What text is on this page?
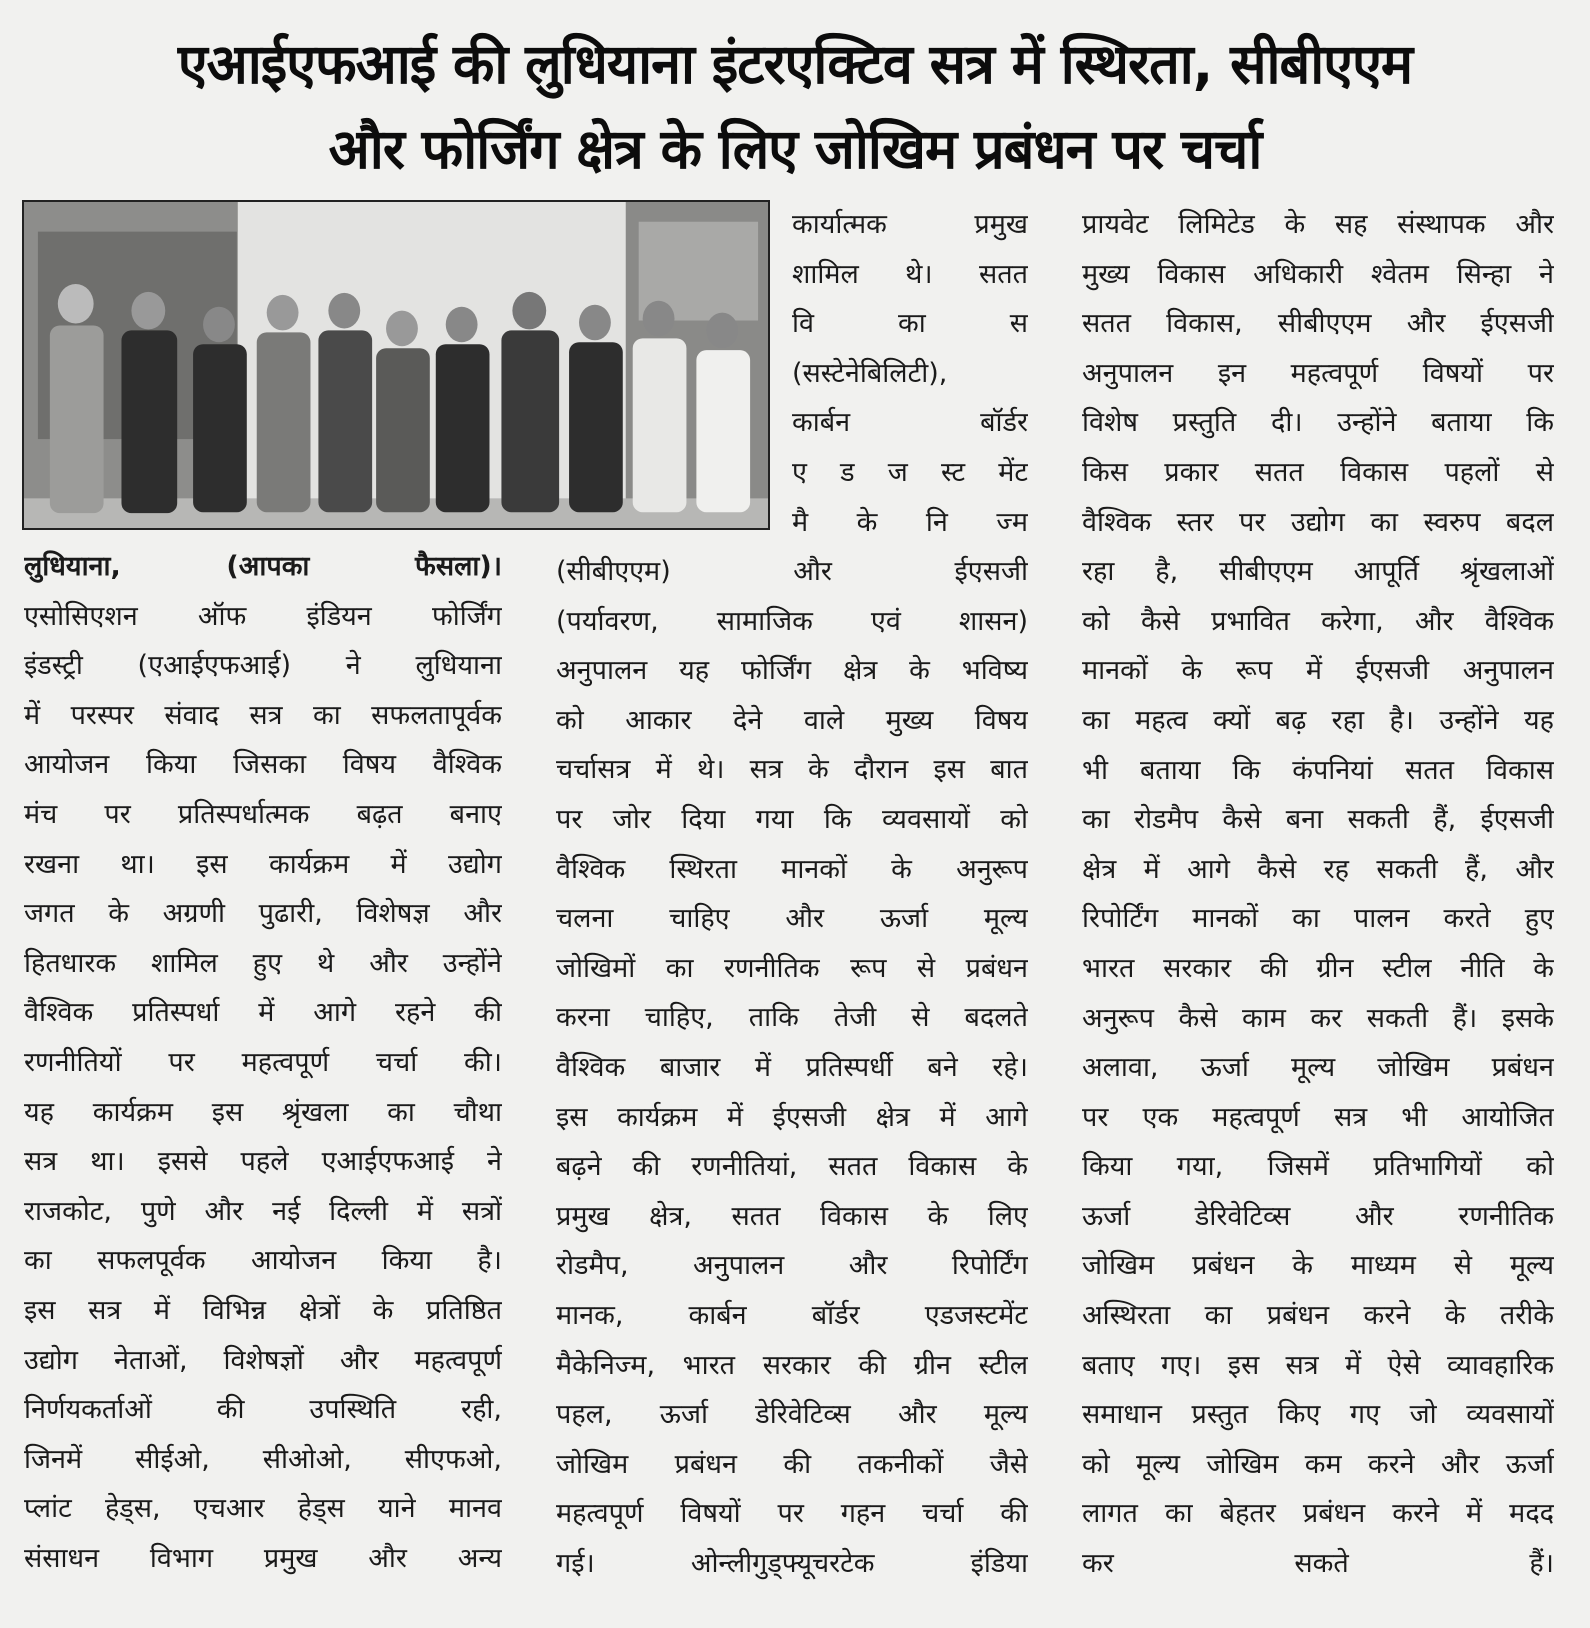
एआईएफआई की लुधियाना इंटरएक्टिव सत्र में स्थिरता, सीबीएएम
और फोर्जिंग क्षेत्र के लिए जोखिम प्रबंधन पर चर्चा
लुधियाना, (आपका फैसला)।
एसोसिएशन ऑफ इंडियन फोर्जिंग
इंडस्ट्री (एआईएफआई) ने लुधियाना
में परस्पर संवाद सत्र का सफलतापूर्वक
आयोजन किया जिसका विषय वैश्विक
मंच पर प्रतिस्पर्धात्मक बढ़त बनाए
रखना था। इस कार्यक्रम में उद्योग
जगत के अग्रणी पुढारी, विशेषज्ञ और
हितधारक शामिल हुए थे और उन्होंने
वैश्विक प्रतिस्पर्धा में आगे रहने की
रणनीतियों पर महत्वपूर्ण चर्चा की।
यह कार्यक्रम इस श्रृंखला का चौथा
सत्र था। इससे पहले एआईएफआई ने
राजकोट, पुणे और नई दिल्ली में सत्रों
का सफलपूर्वक आयोजन किया है।
इस सत्र में विभिन्न क्षेत्रों के प्रतिष्ठित
उद्योग नेताओं, विशेषज्ञों और महत्वपूर्ण
निर्णयकर्ताओं की उपस्थिति रही,
जिनमें सीईओ, सीओओ, सीएफओ,
प्लांट हेड्स, एचआर हेड्स याने मानव
संसाधन विभाग प्रमुख और अन्य
कार्यात्मक प्रमुख
शामिल थे। सतत
वि का स
(सस्टेनेबिलिटी),
कार्बन बॉर्डर
ए ड ज स्ट मेंट
मै के नि ज्म
(सीबीएएम) और ईएसजी
(पर्यावरण, सामाजिक एवं शासन)
अनुपालन यह फोर्जिंग क्षेत्र के भविष्य
को आकार देने वाले मुख्य विषय
चर्चासत्र में थे। सत्र के दौरान इस बात
पर जोर दिया गया कि व्यवसायों को
वैश्विक स्थिरता मानकों के अनुरूप
चलना चाहिए और ऊर्जा मूल्य
जोखिमों का रणनीतिक रूप से प्रबंधन
करना चाहिए, ताकि तेजी से बदलते
वैश्विक बाजार में प्रतिस्पर्धी बने रहे।
इस कार्यक्रम में ईएसजी क्षेत्र में आगे
बढ़ने की रणनीतियां, सतत विकास के
प्रमुख क्षेत्र, सतत विकास के लिए
रोडमैप, अनुपालन और रिपोर्टिंग
मानक, कार्बन बॉर्डर एडजस्टमेंट
मैकेनिज्म, भारत सरकार की ग्रीन स्टील
पहल, ऊर्जा डेरिवेटिव्स और मूल्य
जोखिम प्रबंधन की तकनीकों जैसे
महत्वपूर्ण विषयों पर गहन चर्चा की
गई। ओन्लीगुड्फ्यूचरटेक इंडिया
प्रायवेट लिमिटेड के सह संस्थापक और
मुख्य विकास अधिकारी श्वेतम सिन्हा ने
सतत विकास, सीबीएएम और ईएसजी
अनुपालन इन महत्वपूर्ण विषयों पर
विशेष प्रस्तुति दी। उन्होंने बताया कि
किस प्रकार सतत विकास पहलों से
वैश्विक स्तर पर उद्योग का स्वरुप बदल
रहा है, सीबीएएम आपूर्ति श्रृंखलाओं
को कैसे प्रभावित करेगा, और वैश्विक
मानकों के रूप में ईएसजी अनुपालन
का महत्व क्यों बढ़ रहा है। उन्होंने यह
भी बताया कि कंपनियां सतत विकास
का रोडमैप कैसे बना सकती हैं, ईएसजी
क्षेत्र में आगे कैसे रह सकती हैं, और
रिपोर्टिंग मानकों का पालन करते हुए
भारत सरकार की ग्रीन स्टील नीति के
अनुरूप कैसे काम कर सकती हैं। इसके
अलावा, ऊर्जा मूल्य जोखिम प्रबंधन
पर एक महत्वपूर्ण सत्र भी आयोजित
किया गया, जिसमें प्रतिभागियों को
ऊर्जा डेरिवेटिव्स और रणनीतिक
जोखिम प्रबंधन के माध्यम से मूल्य
अस्थिरता का प्रबंधन करने के तरीके
बताए गए। इस सत्र में ऐसे व्यावहारिक
समाधान प्रस्तुत किए गए जो व्यवसायों
को मूल्य जोखिम कम करने और ऊर्जा
लागत का बेहतर प्रबंधन करने में मदद
कर सकते हैं।
